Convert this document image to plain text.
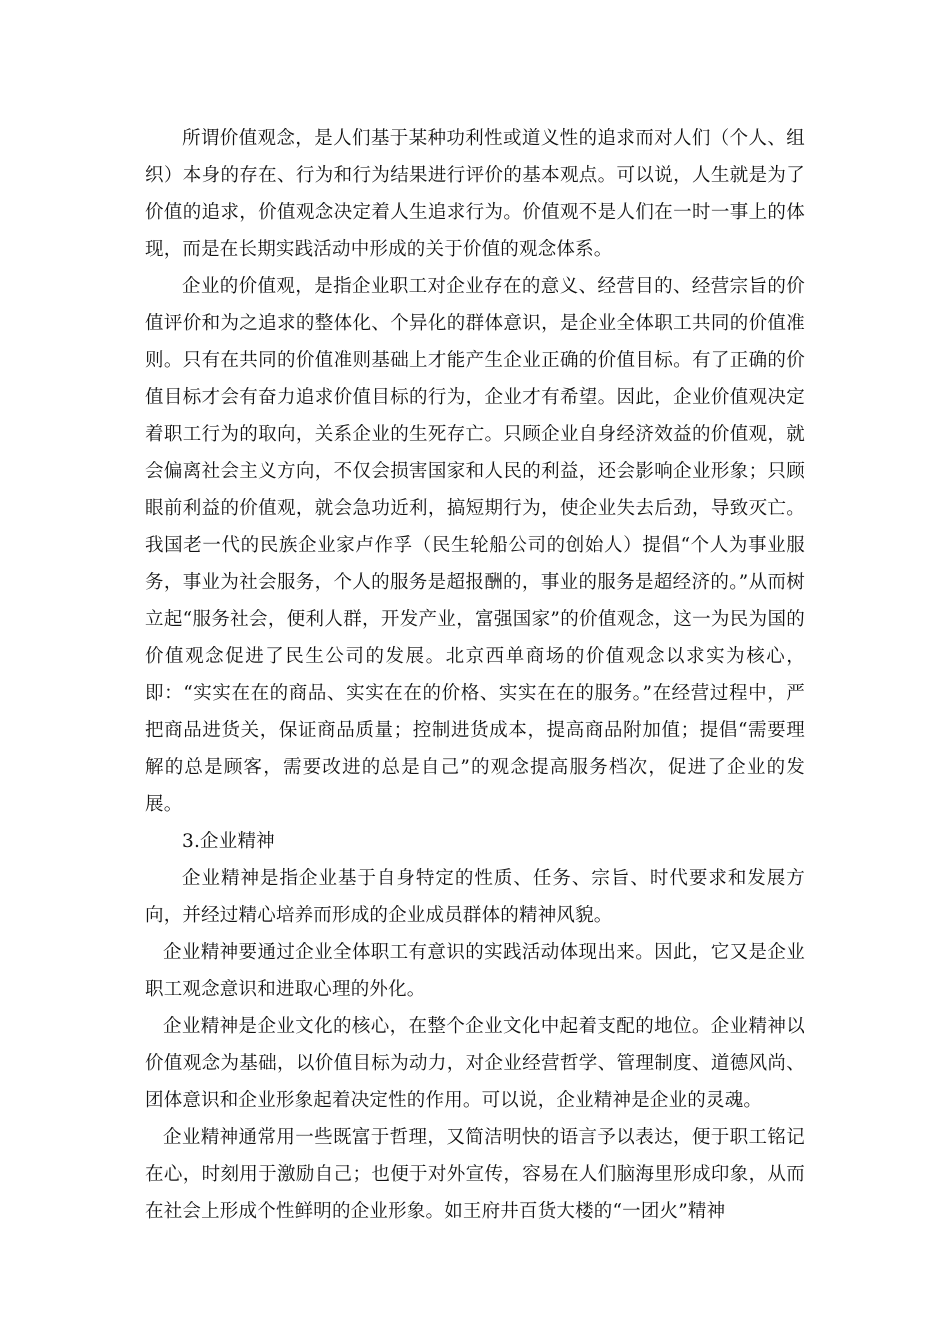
所谓价值观念，是人们基于某种功利性或道义性的追求而对人们（个人、组织）本身的存在、行为和行为结果进行评价的基本观点。可以说，人生就是为了价值的追求，价值观念决定着人生追求行为。价值观不是人们在一时一事上的体现，而是在长期实践活动中形成的关于价值的观念体系。

企业的价值观，是指企业职工对企业存在的意义、经营目的、经营宗旨的价值评价和为之追求的整体化、个异化的群体意识，是企业全体职工共同的价值准则。只有在共同的价值准则基础上才能产生企业正确的价值目标。有了正确的价值目标才会有奋力追求价值目标的行为，企业才有希望。因此，企业价值观决定着职工行为的取向，关系企业的生死存亡。只顾企业自身经济效益的价值观，就会偏离社会主义方向，不仅会损害国家和人民的利益，还会影响企业形象；只顾眼前利益的价值观，就会急功近利，搞短期行为，使企业失去后劲，导致灭亡。我国老一代的民族企业家卢作孚（民生轮船公司的创始人）提倡“个人为事业服务，事业为社会服务，个人的服务是超报酬的，事业的服务是超经济的。”从而树立起“服务社会，便利人群，开发产业，富强国家”的价值观念，这一为民为国的价值观念促进了民生公司的发展。北京西单商场的价值观念以求实为核心，即：“实实在在的商品、实实在在的价格、实实在在的服务。”在经营过程中，严把商品进货关，保证商品质量；控制进货成本，提高商品附加值；提倡“需要理解的总是顾客，需要改进的总是自己”的观念提高服务档次，促进了企业的发展。

3.企业精神

企业精神是指企业基于自身特定的性质、任务、宗旨、时代要求和发展方向，并经过精心培养而形成的企业成员群体的精神风貌。

企业精神要通过企业全体职工有意识的实践活动体现出来。因此，它又是企业职工观念意识和进取心理的外化。

企业精神是企业文化的核心，在整个企业文化中起着支配的地位。企业精神以价值观念为基础，以价值目标为动力，对企业经营哲学、管理制度、道德风尚、团体意识和企业形象起着决定性的作用。可以说，企业精神是企业的灵魂。

企业精神通常用一些既富于哲理，又简洁明快的语言予以表达，便于职工铭记在心，时刻用于激励自己；也便于对外宣传，容易在人们脑海里形成印象，从而在社会上形成个性鲜明的企业形象。如王府井百货大楼的“一团火”精神
